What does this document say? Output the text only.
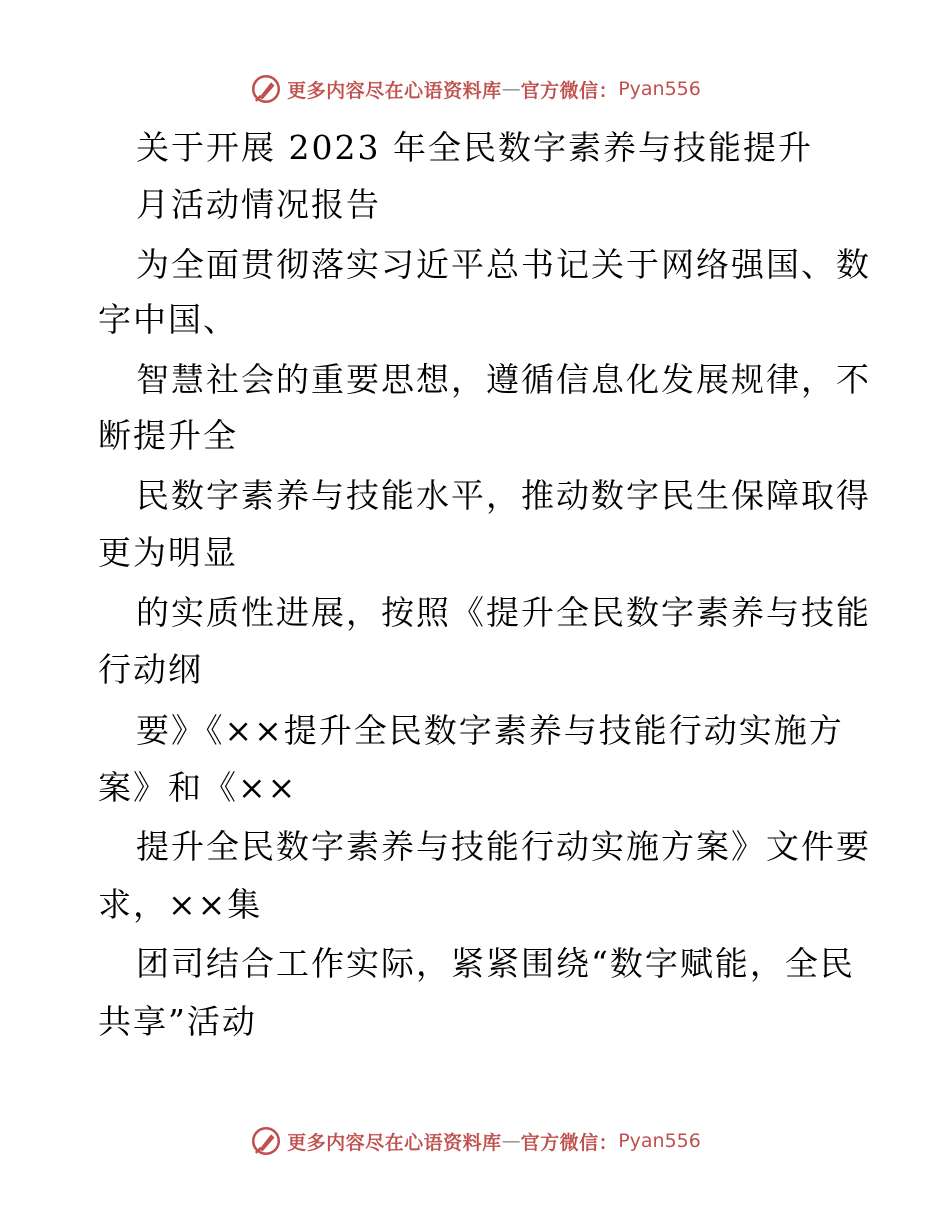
更多内容尽在心语资料库 — 官方微信： Pyan556
关于开展 2023 年全民数字素养与技能提升
月活动情况报告
为全面贯彻落实习近平总书记关于网络强国、数
字中国、
智慧社会的重要思想，遵循信息化发展规律，不
断提升全
民数字素养与技能水平，推动数字民生保障取得
更为明显
的实质性进展，按照《提升全民数字素养与技能
行动纲
要》《××提升全民数字素养与技能行动实施方
案》和《××
提升全民数字素养与技能行动实施方案》文件要
求，××集
团司结合工作实际，紧紧围绕“数字赋能，全民
共享”活动
更多内容尽在心语资料库 — 官方微信： Pyan556
